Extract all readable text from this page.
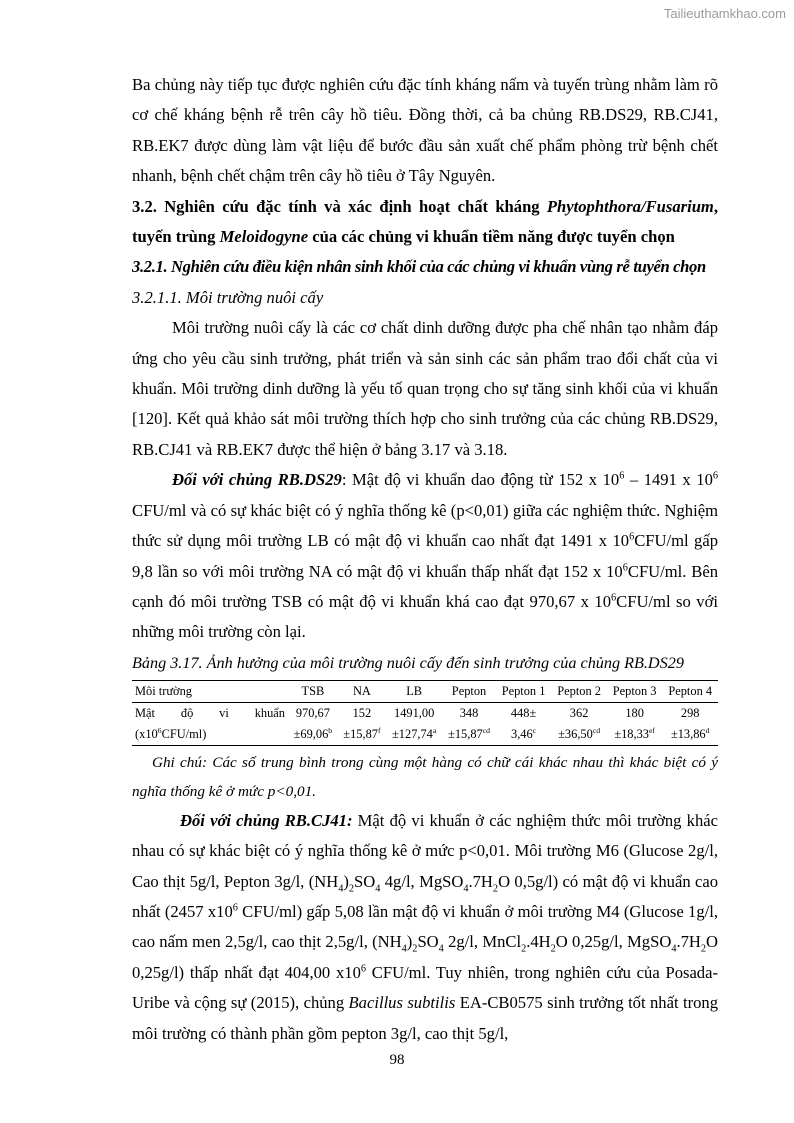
Tailieuthamkhao.com

Ba chủng này tiếp tục được nghiên cứu đặc tính kháng nấm và tuyến trùng nhằm làm rõ cơ chế kháng bệnh rễ trên cây hồ tiêu. Đồng thời, cả ba chủng RB.DS29, RB.CJ41, RB.EK7 được dùng làm vật liệu để bước đầu sản xuất chế phẩm phòng trừ bệnh chết nhanh, bệnh chết chậm trên cây hồ tiêu ở Tây Nguyên.

3.2. Nghiên cứu đặc tính và xác định hoạt chất kháng Phytophthora/Fusarium, tuyến trùng Meloidogyne của các chủng vi khuẩn tiềm năng được tuyển chọn

3.2.1. Nghiên cứu điều kiện nhân sinh khối của các chủng vi khuẩn vùng rễ tuyển chọn

3.2.1.1. Môi trường nuôi cấy

Môi trường nuôi cấy là các cơ chất dinh dưỡng được pha chế nhân tạo nhằm đáp ứng cho yêu cầu sinh trưởng, phát triển và sản sinh các sản phẩm trao đổi chất của vi khuẩn. Môi trường dinh dưỡng là yếu tố quan trọng cho sự tăng sinh khối của vi khuẩn [120]. Kết quả khảo sát môi trường thích hợp cho sinh trưởng của các chủng RB.DS29, RB.CJ41 và RB.EK7 được thể hiện ở bảng 3.17 và 3.18.

Đối với chủng RB.DS29: Mật độ vi khuẩn dao động từ 152 x $10^6 - 1491$ x $10^6$ CFU/ml và có sự khác biệt có ý nghĩa thống kê (p<0,01) giữa các nghiệm thức. Nghiệm thức sử dụng môi trường LB có mật độ vi khuẩn cao nhất đạt 1491 x $10^6CFU/ml$ gấp 9,8 lần so với môi trường NA có mật độ vi khuẩn thấp nhất đạt 152 x $10^6CFU/ml$. Bên cạnh đó môi trường TSB có mật độ vi khuẩn khá cao đạt 970,67 x $10^6CFU/ml$ so với những môi trường còn lại.

Bảng 3.17. Ảnh hưởng của môi trường nuôi cấy đến sinh trưởng của chủng RB.DS29

Môi trường	TSB	NA	LB	Pepton	Pepton 1	Pepton 2	Pepton 3	Pepton 4

Mật độ vi khuẩn	970,67	152	1491,00	348	448±	362	180	298
$(x10^6CFU/ml)$	±69,06$^b$	±15,87$^f$	±127,74$^a$	±15,87$^{cd}$	3,46$^c$	±36,50$^{cd}$	±18,33$^{ef}$	±13,86$^d$

Ghi chú: Các số trung bình trong cùng một hàng có chữ cái khác nhau thì khác biệt có ý nghĩa thống kê ở mức p<0,01.

Đối với chủng RB.CJ41: Mật độ vi khuẩn ở các nghiệm thức môi trường khác nhau có sự khác biệt có ý nghĩa thống kê ở mức p<0,01. Môi trường M6 (Glucose 2g/l, Cao thịt 5g/l, Pepton 3g/l, $(NH_4)_2SO_4$ 4g/l, $MgSO_4.7H_2O$ 0,5g/l) có mật độ vi khuẩn cao nhất (2457 $x10^6$ CFU/ml) gấp 5,08 lần mật độ vi khuẩn ở môi trường M4 (Glucose 1g/l, cao nấm men 2,5g/l, cao thịt 2,5g/l, $(NH_4)_2SO_4$ 2g/l, $MnCl_2.4H_2O$ 0,25g/l, $MgSO_4.7H_2O$ 0,25g/l) thấp nhất đạt 404,00 $x10^6$ CFU/ml. Tuy nhiên, trong nghiên cứu của Posada-Uribe và cộng sự (2015), chủng Bacillus subtilis EA-CB0575 sinh trưởng tốt nhất trong môi trường có thành phần gồm pepton 3g/l, cao thịt 5g/l,

98
